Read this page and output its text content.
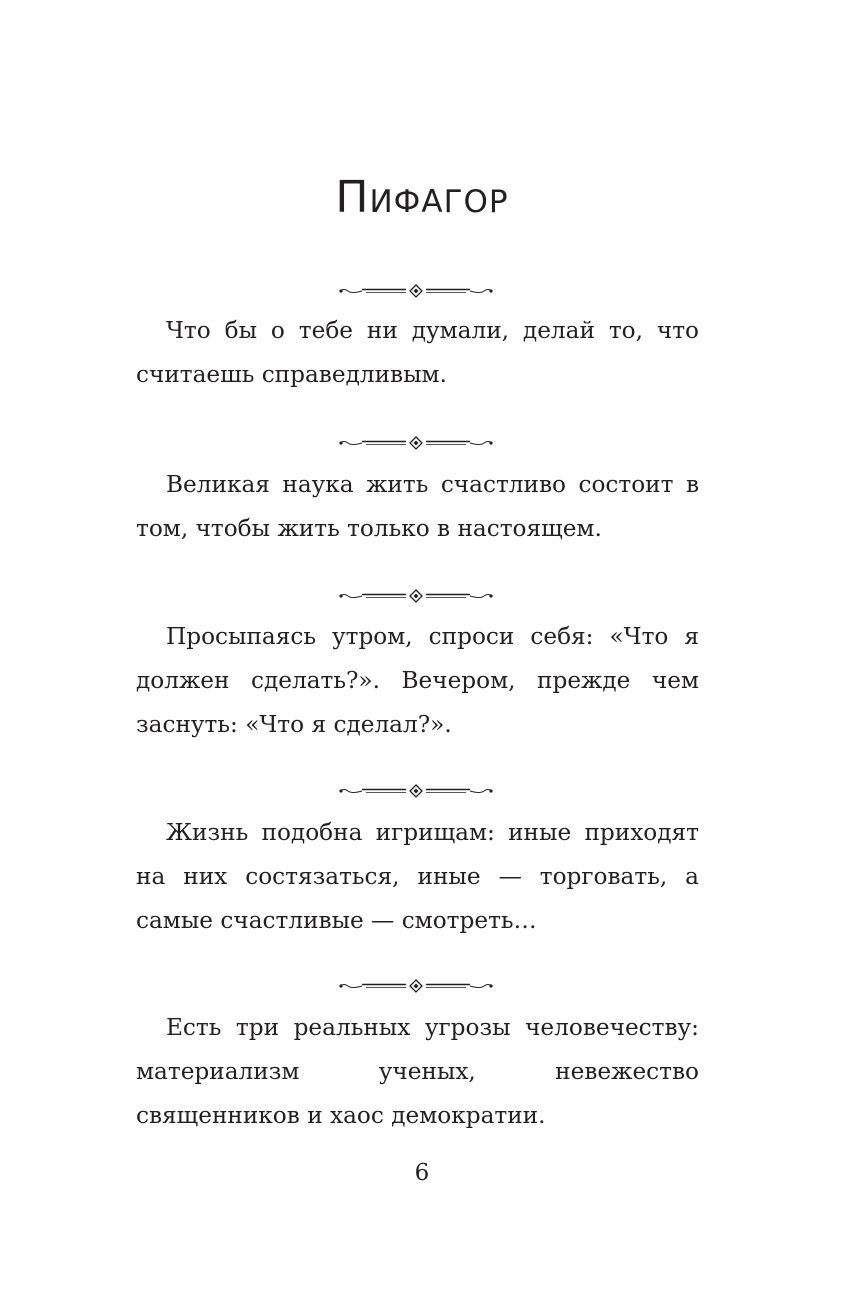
Пифагор

Что бы о тебе ни думали, делай то, что считаешь справедливым.

Великая наука жить счастливо состоит в том, чтобы жить только в настоящем.

Просыпаясь утром, спроси себя: «Что я должен сделать?». Вечером, прежде чем заснуть: «Что я сделал?».

Жизнь подобна игрищам: иные приходят на них состязаться, иные — торговать, а самые счастливые — смотреть…

Есть три реальных угрозы человечеству: материализм ученых, невежество священников и хаос демократии.

6
